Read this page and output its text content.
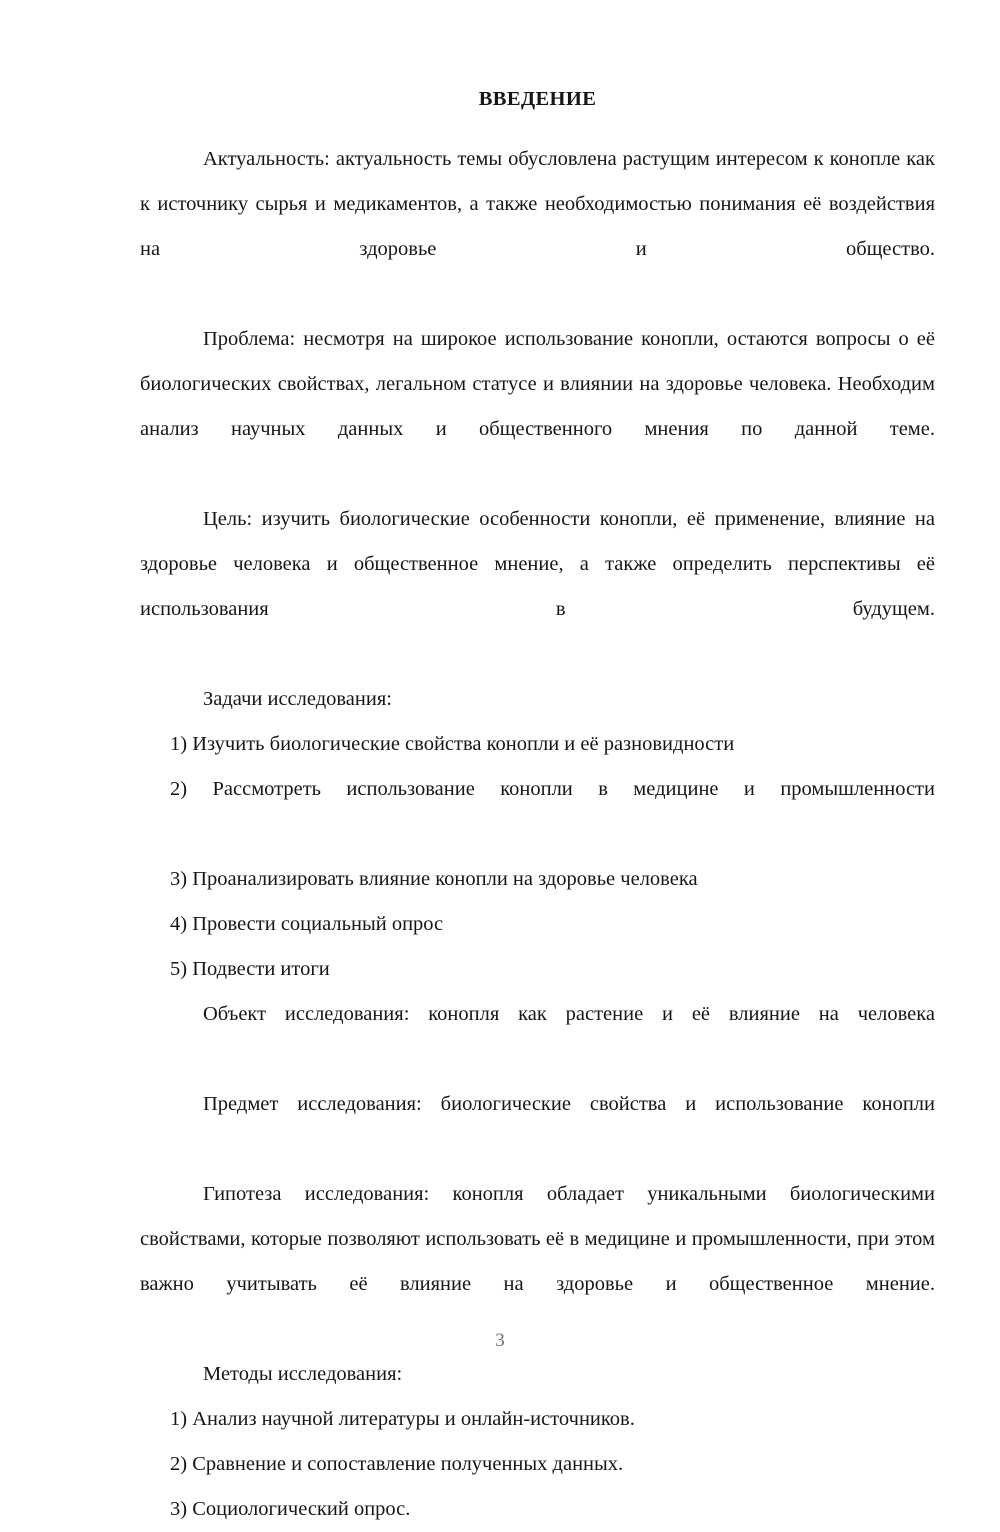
ВВЕДЕНИЕ

Актуальность: актуальность темы обусловлена растущим интересом к конопле как к источнику сырья и медикаментов, а также необходимостью понимания её воздействия на здоровье и общество.

Проблема: несмотря на широкое использование конопли, остаются вопросы о её биологических свойствах, легальном статусе и влиянии на здоровье человека. Необходим анализ научных данных и общественного мнения по данной теме.

Цель: изучить биологические особенности конопли, её применение, влияние на здоровье человека и общественное мнение, а также определить перспективы её использования в будущем.

Задачи исследования:

1) Изучить биологические свойства конопли и её разновидности

2) Рассмотреть использование конопли в медицине и промышленности

3) Проанализировать влияние конопли на здоровье человека

4) Провести социальный опрос

5) Подвести итоги

Объект исследования: конопля как растение и её влияние на человека

Предмет исследования: биологические свойства и использование конопли

Гипотеза исследования: конопля обладает уникальными биологическими свойствами, которые позволяют использовать её в медицине и промышленности, при этом важно учитывать её влияние на здоровье и общественное мнение.

Методы исследования:

1) Анализ научной литературы и онлайн-источников.

2) Сравнение и сопоставление полученных данных.

3) Социологический опрос.

3
